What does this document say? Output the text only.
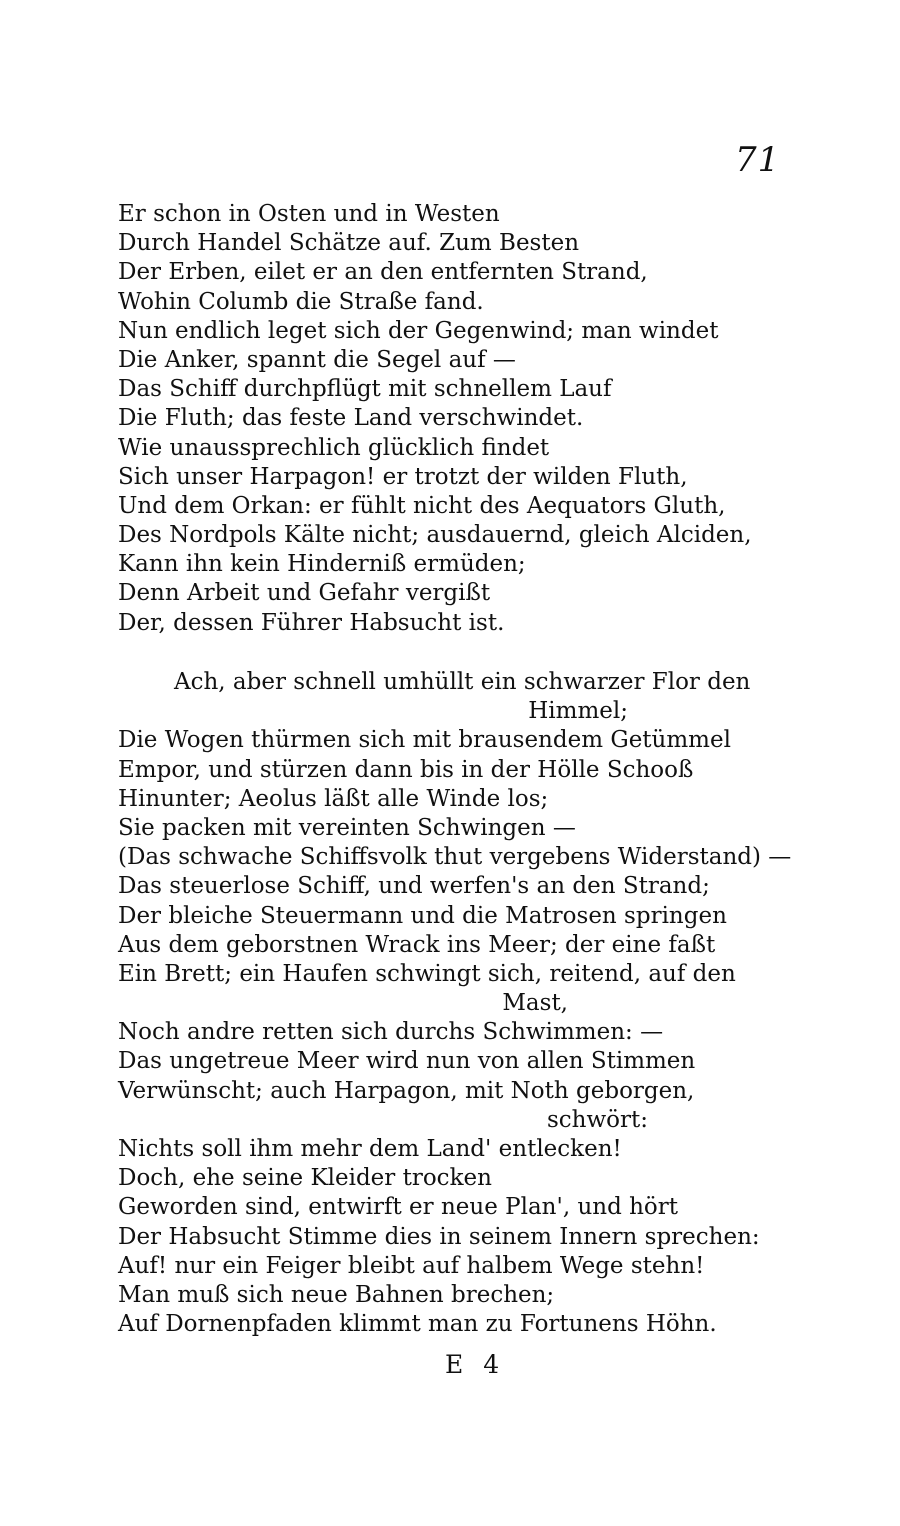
71
Er schon in Osten und in Westen
Durch Handel Schätze auf. Zum Besten
Der Erben, eilet er an den entfernten Strand,
Wohin Columb die Straße fand.
Nun endlich leget sich der Gegenwind; man windet
Die Anker, spannt die Segel auf —
Das Schiff durchpflügt mit schnellem Lauf
Die Fluth; das feste Land verschwindet.
Wie unaussprechlich glücklich findet
Sich unser Harpagon! er trotzt der wilden Fluth,
Und dem Orkan: er fühlt nicht des Aequators Gluth,
Des Nordpols Kälte nicht; ausdauernd, gleich Alciden,
Kann ihn kein Hinderniß ermüden;
Denn Arbeit und Gefahr vergißt
Der, dessen Führer Habsucht ist.
Ach, aber schnell umhüllt ein schwarzer Flor den
Himmel;
Die Wogen thürmen sich mit brausendem Getümmel
Empor, und stürzen dann bis in der Hölle Schooß
Hinunter; Aeolus läßt alle Winde los;
Sie packen mit vereinten Schwingen —
(Das schwache Schiffsvolk thut vergebens Widerstand) —
Das steuerlose Schiff, und werfen's an den Strand;
Der bleiche Steuermann und die Matrosen springen
Aus dem geborstnen Wrack ins Meer; der eine faßt
Ein Brett; ein Haufen schwingt sich, reitend, auf den
Mast,
Noch andre retten sich durchs Schwimmen: —
Das ungetreue Meer wird nun von allen Stimmen
Verwünscht; auch Harpagon, mit Noth geborgen,
schwört:
Nichts soll ihm mehr dem Land' entlecken!
Doch, ehe seine Kleider trocken
Geworden sind, entwirft er neue Plan', und hört
Der Habsucht Stimme dies in seinem Innern sprechen:
Auf! nur ein Feiger bleibt auf halbem Wege stehn!
Man muß sich neue Bahnen brechen;
Auf Dornenpfaden klimmt man zu Fortunens Höhn.
E 4
